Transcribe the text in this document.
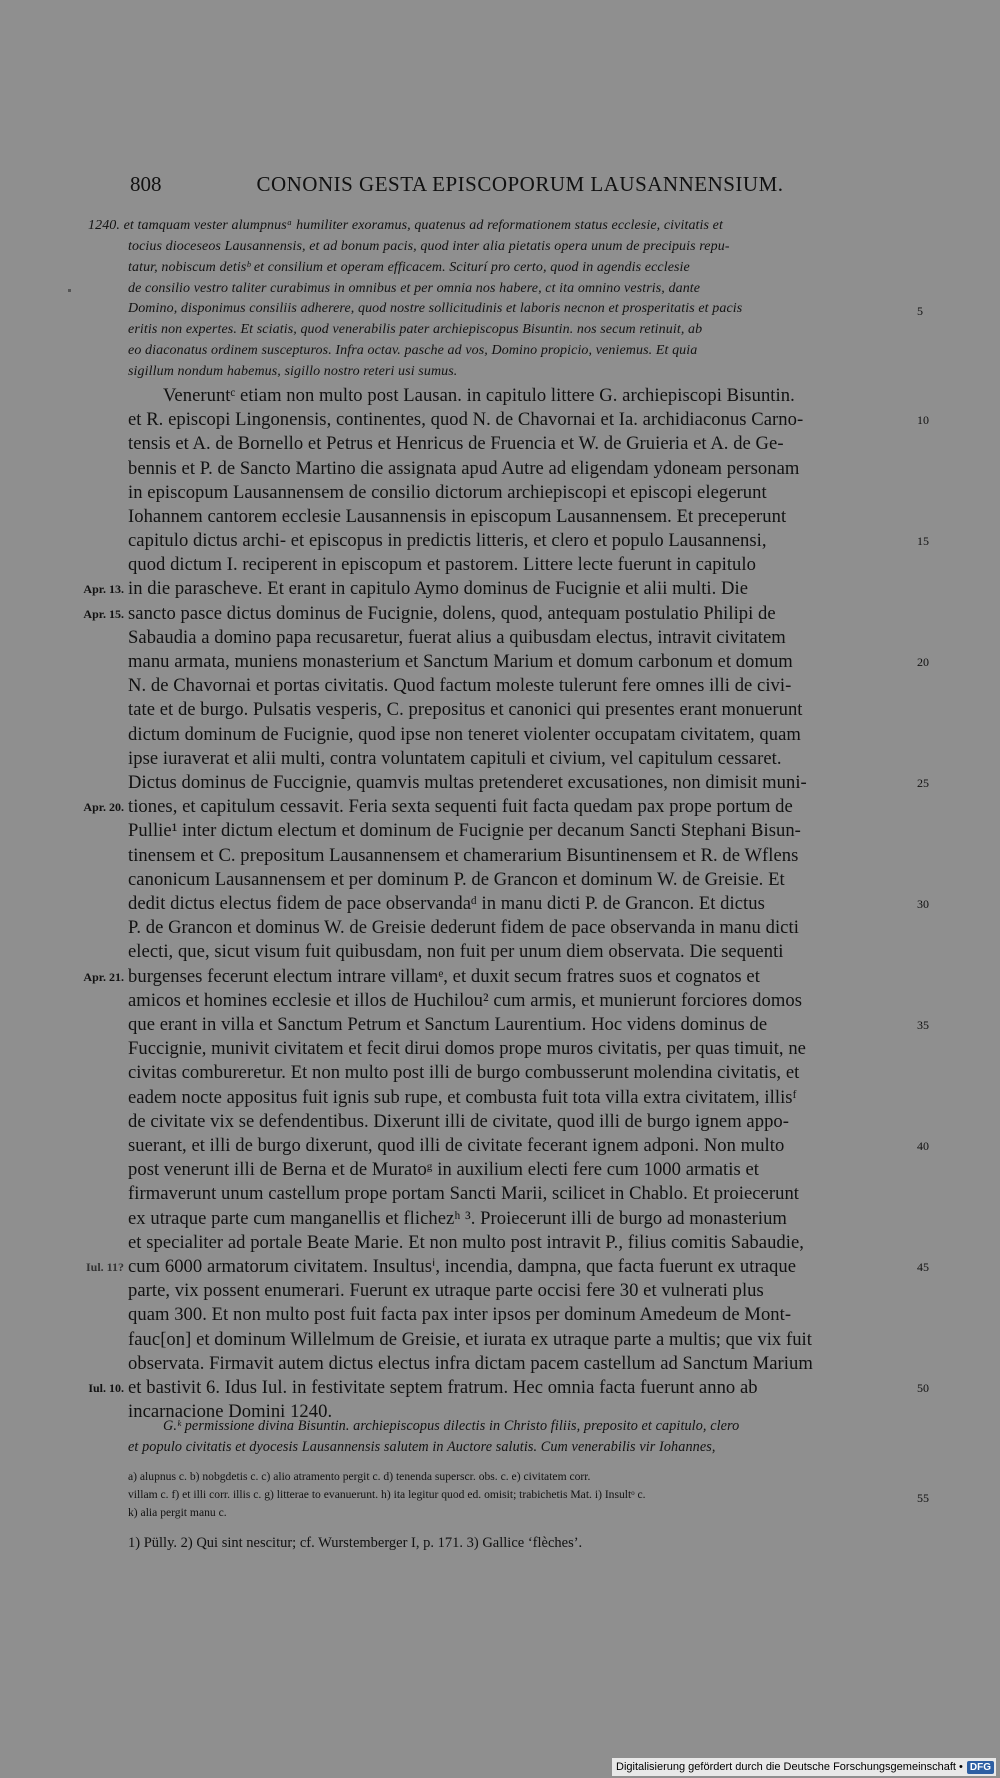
808	CONONIS GESTA EPISCOPORUM LAUSANNENSIUM.
1240. et tamquam vester alumpnusᵃ humiliter exoramus, quatenus ad reformationem status ecclesie, civitatis et
tocius dioceseos Lausannensis, et ad bonum pacis, quod inter alia pietatis opera unum de precipuis repu-
tatur, nobiscum detisᵇ et consilium et operam efficacem. Sciturí pro certo, quod in agendis ecclesie
de consilio vestro taliter curabimus in omnibus et per omnia nos habere, ct ita omnino vestris, dante
Domino, disponimus consiliis adherere, quod nostre sollicitudinis et laboris necnon et prosperitatis et pacis
eritis non expertes. Et sciatis, quod venerabilis pater archiepiscopus Bisuntin. nos secum retinuit, ab
eo diaconatus ordinem suscepturos. Infra octav. pasche ad vos, Domino propicio, veniemus. Et quia
sigillum nondum habemus, sigillo nostro reteri usi sumus.
Veneruntᶜ etiam non multo post Lausan. in capitulo littere G. archiepiscopi Bisuntin.
et R. episcopi Lingonensis, continentes, quod N. de Chavornai et Ia. archidiaconus Carno-
tensis et A. de Bornello et Petrus et Henricus de Fruencia et W. de Gruieria et A. de Ge-
bennis et P. de Sancto Martino die assignata apud Autre ad eligendam ydoneam personam
in episcopum Lausannensem de consilio dictorum archiepiscopi et episcopi elegerunt
Iohannem cantorem ecclesie Lausannensis in episcopum Lausannensem. Et preceperunt
capitulo dictus archi- et episcopus in predictis litteris, et clero et populo Lausannensi,
quod dictum I. reciperent in episcopum et pastorem. Littere lecte fuerunt in capitulo
in die parascheve. Et erant in capitulo Aymo dominus de Fucignie et alii multi. Die
sancto pasce dictus dominus de Fucignie, dolens, quod, antequam postulatio Philipi de
Sabaudia a domino papa recusaretur, fuerat alius a quibusdam electus, intravit civitatem
manu armata, muniens monasterium et Sanctum Marium et domum carbonum et domum
N. de Chavornai et portas civitatis. Quod factum moleste tulerunt fere omnes illi de civi-
tate et de burgo. Pulsatis vesperis, C. prepositus et canonici qui presentes erant monuerunt
dictum dominum de Fucignie, quod ipse non teneret violenter occupatam civitatem, quam
ipse iuraverat et alii multi, contra voluntatem capituli et civium, vel capitulum cessaret.
Dictus dominus de Fuccignie, quamvis multas pretenderet excusationes, non dimisit muni-
tiones, et capitulum cessavit. Feria sexta sequenti fuit facta quedam pax prope portum de
Pullie¹ inter dictum electum et dominum de Fucignie per decanum Sancti Stephani Bisun-
tinensem et C. prepositum Lausannensem et chamerarium Bisuntinensem et R. de Wflens
canonicum Lausannensem et per dominum P. de Grancon et dominum W. de Greisie. Et
dedit dictus electus fidem de pace observandaᵈ in manu dicti P. de Grancon. Et dictus
P. de Grancon et dominus W. de Greisie dederunt fidem de pace observanda in manu dicti
electi, que, sicut visum fuit quibusdam, non fuit per unum diem observata. Die sequenti
burgenses fecerunt electum intrare villamᵉ, et duxit secum fratres suos et cognatos et
amicos et homines ecclesie et illos de Huchilou² cum armis, et munierunt forciores domos
que erant in villa et Sanctum Petrum et Sanctum Laurentium. Hoc videns dominus de
Fuccignie, munivit civitatem et fecit dirui domos prope muros civitatis, per quas timuit, ne
civitas combureretur. Et non multo post illi de burgo combusserunt molendina civitatis, et
eadem nocte appositus fuit ignis sub rupe, et combusta fuit tota villa extra civitatem, illisᶠ
de civitate vix se defendentibus. Dixerunt illi de civitate, quod illi de burgo ignem appo-
suerant, et illi de burgo dixerunt, quod illi de civitate fecerant ignem adponi. Non multo
post venerunt illi de Berna et de Muratoᵍ in auxilium electi fere cum 1000 armatis et
firmaverunt unum castellum prope portam Sancti Marii, scilicet in Chablo. Et proiecerunt
ex utraque parte cum manganellis et flichezʰ ³. Proiecerunt illi de burgo ad monasterium
et specialiter ad portale Beate Marie. Et non multo post intravit P., filius comitis Sabaudie,
cum 6000 armatorum civitatem. Insultusⁱ, incendia, dampna, que facta fuerunt ex utraque
parte, vix possent enumerari. Fuerunt ex utraque parte occisi fere 30 et vulnerati plus
quam 300. Et non multo post fuit facta pax inter ipsos per dominum Amedeum de Mont-
fauc[on] et dominum Willelmum de Greisie, et iurata ex utraque parte a multis; que vix fuit
observata. Firmavit autem dictus electus infra dictam pacem castellum ad Sanctum Marium
et bastivit 6. Idus Iul. in festivitate septem fratrum. Hec omnia facta fuerunt anno ab
incarnacione Domini 1240.
G.ᵏ permissione divina Bisuntin. archiepiscopus dilectis in Christo filiis, preposito et capitulo, clero
et populo civitatis et dyocesis Lausannensis salutem in Auctore salutis. Cum venerabilis vir Iohannes,
a) alupnus c. b) nobgdetis c. c) alio atramento pergit c. d) tenenda superscr. obs. c. e) civitatem corr.
villam c. f) et illi corr. illis c. g) litterae to evanuerunt. h) ita legitur quod ed. omisit; trabichetis Mat. i) Insultᵒ c.
k) alia pergit manu c.
1) Pülly. 2) Qui sint nescitur; cf. Wurstemberger I, p. 171. 3) Gallice ‘flèches’.
5
10
15
20
25
30
35
40
45
50
55
Apr. 13.
Apr. 15.
Apr. 20.
Apr. 21.
Iul. 11?
Iul. 10.
Digitalisierung gefördert durch die Deutsche Forschungsgemeinschaft • DFG
